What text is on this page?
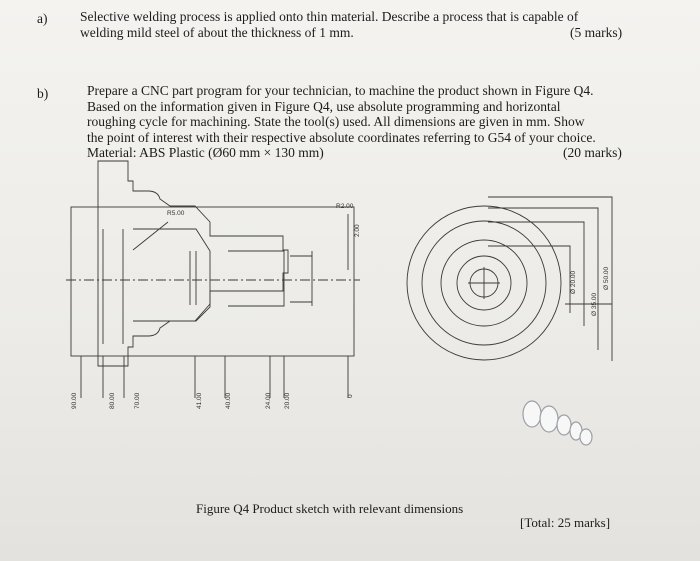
a) Selective welding process is applied onto thin material. Describe a process that is capable of
welding mild steel of about the thickness of 1 mm.	(5 marks)
b)	Prepare a CNC part program for your technician, to machine the product shown in Figure Q4.
Based on the information given in Figure Q4, use absolute programming and horizontal
roughing cycle for machining. State the tool(s) used. All dimensions are given in mm. Show
the point of interest with their respective absolute coordinates referring to G54 of your choice.
Material: ABS Plastic (Ø60 mm × 130 mm)	(20 marks)
R5.00
R2.00
2.00
90.00	80.00	70.00	41.00	40.00	24.00 20.00	0
Ø 20.00
Ø 35.00
Ø 50.00
Figure Q4 Product sketch with relevant dimensions
[Total: 25 marks]
